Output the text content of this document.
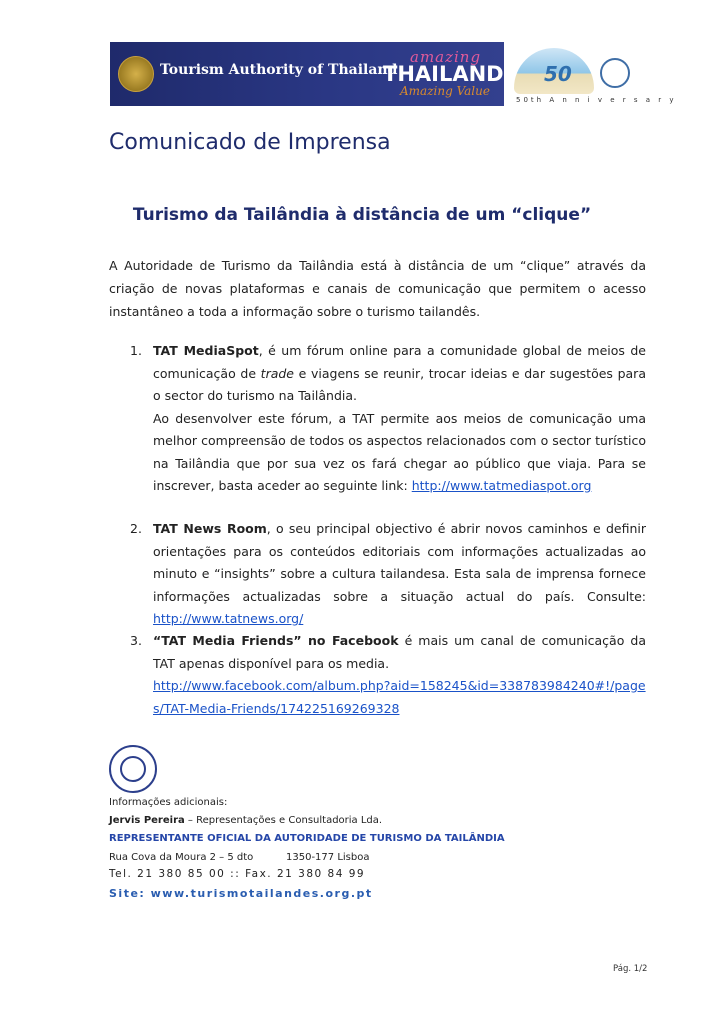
Tourism Authority of Thailand
amazing
THAILAND
Amazing Value
50
50th A n n i v e r s a r y
Comunicado de Imprensa
Turismo da Tailândia à distância de um “clique”
A Autoridade de Turismo da Tailândia está à distância de um “clique” através da criação de novas plataformas e canais de comunicação que permitem o acesso instantâneo a toda a informação sobre o turismo tailandês.
1. TAT MediaSpot, é um fórum online para a comunidade global de meios de comunicação de trade e viagens se reunir, trocar ideias e dar sugestões para o sector do turismo na Tailândia.
Ao desenvolver este fórum, a TAT permite aos meios de comunicação uma melhor compreensão de todos os aspectos relacionados com o sector turístico na Tailândia que por sua vez os fará chegar ao público que viaja. Para se inscrever, basta aceder ao seguinte link: http://www.tatmediaspot.org
2. TAT News Room, o seu principal objectivo é abrir novos caminhos e definir orientações para os conteúdos editoriais com informações actualizadas ao minuto e “insights” sobre a cultura tailandesa. Esta sala de imprensa fornece informações actualizadas sobre a situação actual do país. Consulte: http://www.tatnews.org/
3. “TAT Media Friends” no Facebook é mais um canal de comunicação da TAT apenas disponível para os media.
http://www.facebook.com/album.php?aid=158245&id=338783984240#!/pages/TAT-Media-Friends/174225169269328
Informações adicionais:
Jervis Pereira – Representações e Consultadoria Lda.
REPRESENTANTE OFICIAL DA AUTORIDADE DE TURISMO DA TAILÂNDIA
Rua Cova da Moura 2 – 5 dto	1350-177 Lisboa
Tel. 21 380 85 00 :: Fax. 21 380 84 99
Site: www.turismotailandes.org.pt
Pág. 1/2
